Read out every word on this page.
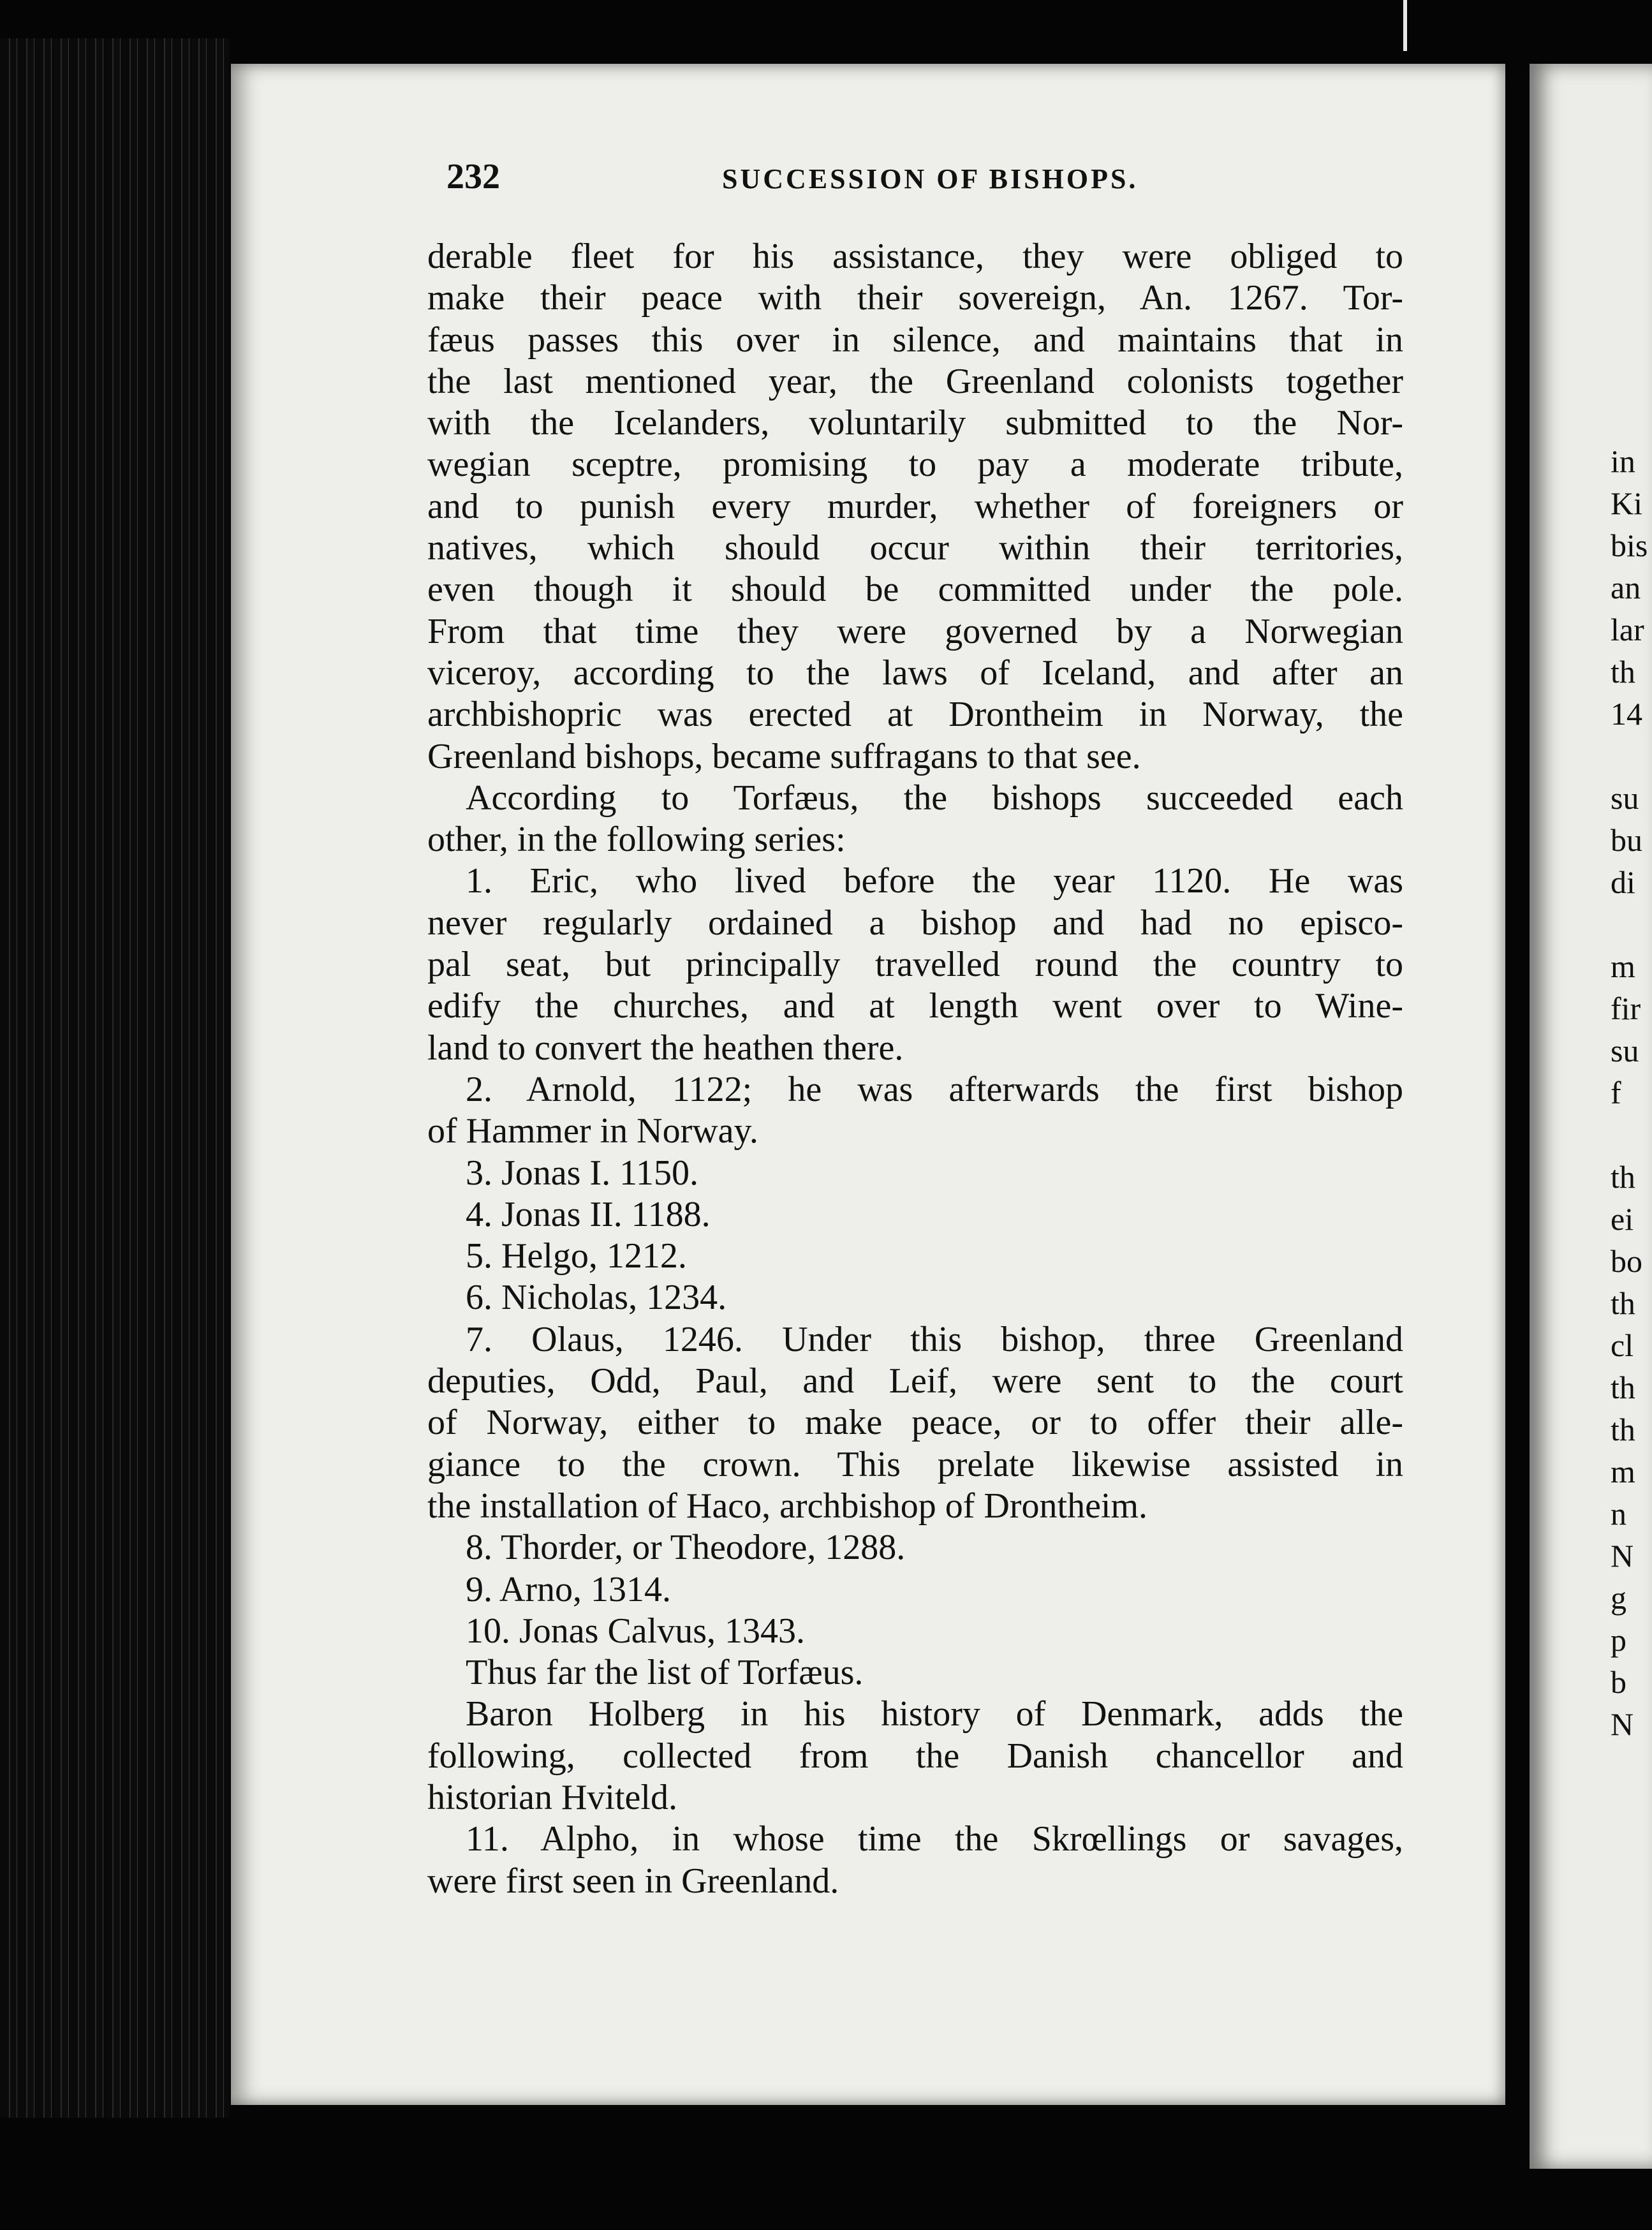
in
Ki
bis
an
lar
th
14

su
bu
di

m
fir
su
f

th
ei
bo
th
cl
th
th
m
n
N
g
p
b
N
232	SUCCESSION OF BISHOPS.
derable fleet for his assistance, they were obliged to
make their peace with their sovereign, An. 1267. Tor-
fæus passes this over in silence, and maintains that in
the last mentioned year, the Greenland colonists together
with the Icelanders, voluntarily submitted to the Nor-
wegian sceptre, promising to pay a moderate tribute,
and to punish every murder, whether of foreigners or
natives, which should occur within their territories,
even though it should be committed under the pole.
From that time they were governed by a Norwegian
viceroy, according to the laws of Iceland, and after an
archbishopric was erected at Drontheim in Norway, the
Greenland bishops, became suffragans to that see.
According to Torfæus, the bishops succeeded each
other, in the following series:
1. Eric, who lived before the year 1120. He was
never regularly ordained a bishop and had no episco-
pal seat, but principally travelled round the country to
edify the churches, and at length went over to Wine-
land to convert the heathen there.
2. Arnold, 1122; he was afterwards the first bishop
of Hammer in Norway.
3. Jonas I. 1150.
4. Jonas II. 1188.
5. Helgo, 1212.
6. Nicholas, 1234.
7. Olaus, 1246. Under this bishop, three Greenland
deputies, Odd, Paul, and Leif, were sent to the court
of Norway, either to make peace, or to offer their alle-
giance to the crown. This prelate likewise assisted in
the installation of Haco, archbishop of Drontheim.
8. Thorder, or Theodore, 1288.
9. Arno, 1314.
10. Jonas Calvus, 1343.
Thus far the list of Torfæus.
Baron Holberg in his history of Denmark, adds the
following, collected from the Danish chancellor and
historian Hviteld.
11. Alpho, in whose time the Skrœllings or savages,
were first seen in Greenland.
